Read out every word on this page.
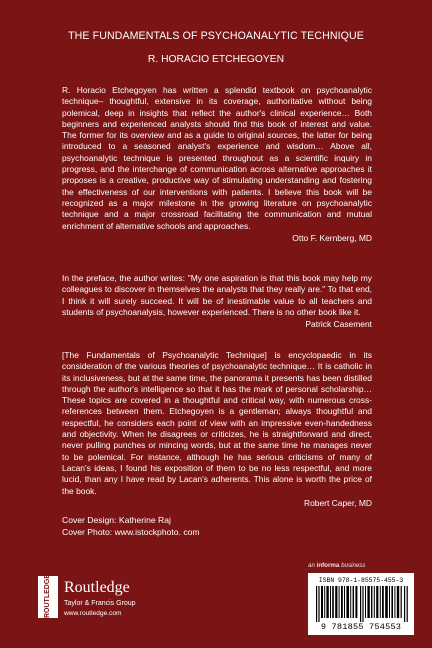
THE FUNDAMENTALS OF PSYCHOANALYTIC TECHNIQUE
R. HORACIO ETCHEGOYEN
R. Horacio Etchegoyen has written a splendid textbook on psychoanalytic technique– thoughtful, extensive in its coverage, authoritative without being polemical, deep in insights that reflect the author's clinical experience… Both beginners and experienced analysts should find this book of interest and value. The former for its overview and as a guide to original sources, the latter for being introduced to a seasoned analyst's experience and wisdom… Above all, psychoanalytic technique is presented throughout as a scientific inquiry in progress, and the interchange of communication across alternative approaches it proposes is a creative, productive way of stimulating understanding and fostering the effectiveness of our interventions with patients. I believe this book will be recognized as a major milestone in the growing literature on psychoanalytic technique and a major crossroad facilitating the communication and mutual enrichment of alternative schools and approaches.
Otto F. Kernberg, MD
In the preface, the author writes: "My one aspiration is that this book may help my colleagues to discover in themselves the analysts that they really are." To that end, I think it will surely succeed. It will be of inestimable value to all teachers and students of psychoanalysis, however experienced. There is no other book like it.
Patrick Casement
[The Fundamentals of Psychoanalytic Technique] is encyclopaedic in its consideration of the various theories of psychoanalytic technique… It is catholic in its inclusiveness, but at the same time, the panorama it presents has been distilled through the author's intelligence so that it has the mark of personal scholarship… These topics are covered in a thoughtful and critical way, with numerous cross-references between them. Etchegoyen is a gentleman; always thoughtful and respectful, he considers each point of view with an impressive even-handedness and objectivity. When he disagrees or criticizes, he is straightforward and direct, never pulling punches or mincing words, but at the same time he manages never to be polemical. For instance, although he has serious criticisms of many of Lacan's ideas, I found his exposition of them to be no less respectful, and more lucid, than any I have read by Lacan's adherents. This alone is worth the price of the book.
Robert Caper, MD
Cover Design: Katherine Raj
Cover Photo: www.istockphoto. com
an informa business
ROUTLEDGE Routledge
Taylor & Francis Group
www.routledge.com
ISBN 978-1-85575-455-3
9 781855 754553
